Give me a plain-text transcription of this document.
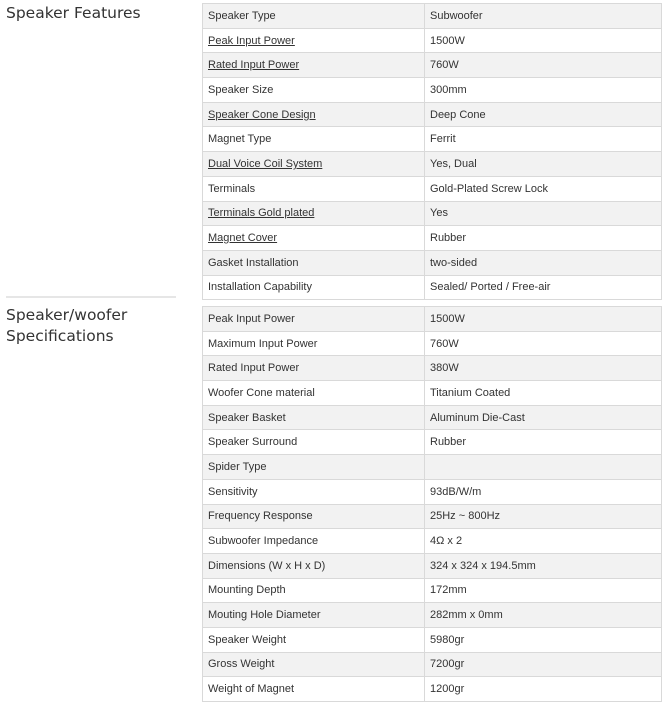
Speaker Features	Speaker Type	Subwoofer
Peak Input Power	1500W
Rated Input Power	760W
Speaker Size	300mm
Speaker Cone Design	Deep Cone
Magnet Type	Ferrit
Dual Voice Coil System	Yes, Dual
Terminals	Gold-Plated Screw Lock
Terminals Gold plated	Yes
Magnet Cover	Rubber
Gasket Installation	two-sided
Installation Capability	Sealed/ Ported / Free-air
Speaker/woofer
Specifications
Peak Input Power	1500W
Maximum Input Power	760W
Rated Input Power	380W
Woofer Cone material	Titanium Coated
Speaker Basket	Aluminum Die-Cast
Speaker Surround	Rubber
Spider Type	
Sensitivity	93dB/W/m
Frequency Response	25Hz ~ 800Hz
Subwoofer Impedance	4Ω x 2
Dimensions (W x H x D)	324 x 324 x 194.5mm
Mounting Depth	172mm
Mouting Hole Diameter	282mm x 0mm
Speaker Weight	5980gr
Gross Weight	7200gr
Weight of Magnet	1200gr
